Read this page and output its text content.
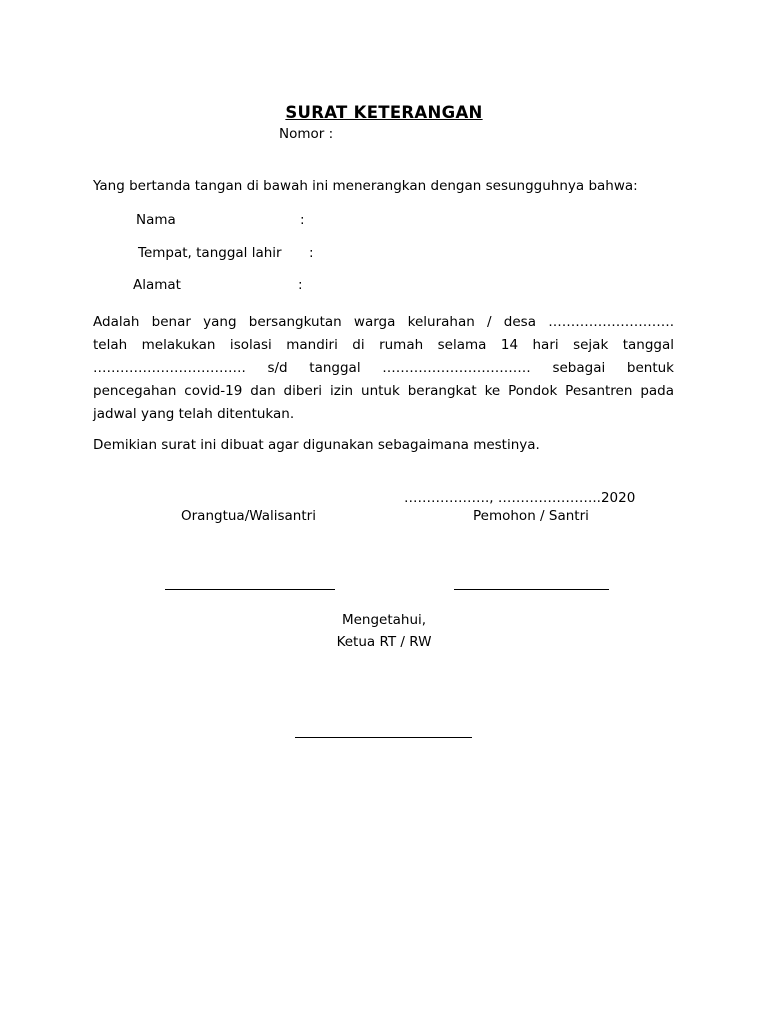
SURAT KETERANGAN
Nomor :
Yang bertanda tangan di bawah ini menerangkan dengan sesungguhnya bahwa:
Nama	:
Tempat, tanggal lahir :
Alamat	:
Adalah benar yang bersangkutan warga kelurahan / desa ……………………….
telah melakukan isolasi mandiri di rumah selama 14 hari sejak tanggal
……………………………. s/d tanggal …………………………… sebagai bentuk
pencegahan covid-19 dan diberi izin untuk berangkat ke Pondok Pesantren pada
jadwal yang telah ditentukan.
Demikian surat ini dibuat agar digunakan sebagaimana mestinya.
………………., …………………..2020
Orangtua/Walisantri	Pemohon / Santri
Mengetahui,
Ketua RT / RW
